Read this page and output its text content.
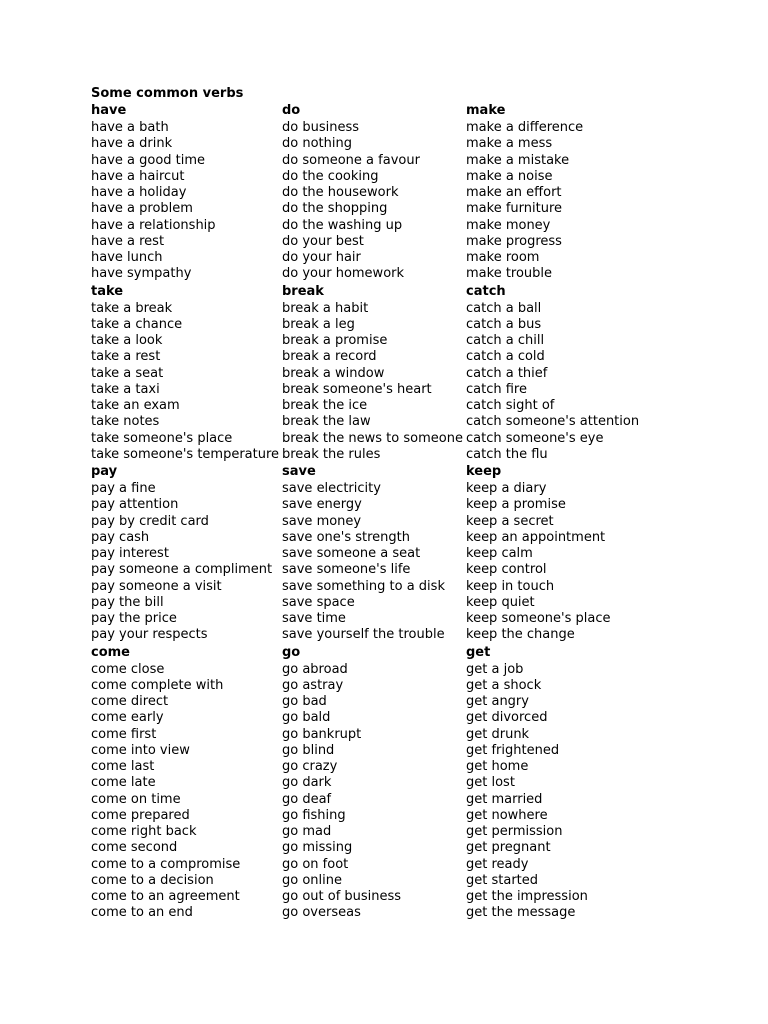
Some common verbs
have
have a bath
have a drink
have a good time
have a haircut
have a holiday
have a problem
have a relationship
have a rest
have lunch
have sympathy
do
do business
do nothing
do someone a favour
do the cooking
do the housework
do the shopping
do the washing up
do your best
do your hair
do your homework
make
make a difference
make a mess
make a mistake
make a noise
make an effort
make furniture
make money
make progress
make room
make trouble
take
take a break
take a chance
take a look
take a rest
take a seat
take a taxi
take an exam
take notes
take someone's place
take someone's temperature
break
break a habit
break a leg
break a promise
break a record
break a window
break someone's heart
break the ice
break the law
break the news to someone
break the rules
catch
catch a ball
catch a bus
catch a chill
catch a cold
catch a thief
catch fire
catch sight of
catch someone's attention
catch someone's eye
catch the flu
pay
pay a fine
pay attention
pay by credit card
pay cash
pay interest
pay someone a compliment
pay someone a visit
pay the bill
pay the price
pay your respects
save
save electricity
save energy
save money
save one's strength
save someone a seat
save someone's life
save something to a disk
save space
save time
save yourself the trouble
keep
keep a diary
keep a promise
keep a secret
keep an appointment
keep calm
keep control
keep in touch
keep quiet
keep someone's place
keep the change
come
come close
come complete with
come direct
come early
come first
come into view
come last
come late
come on time
come prepared
come right back
come second
come to a compromise
come to a decision
come to an agreement
come to an end
go
go abroad
go astray
go bad
go bald
go bankrupt
go blind
go crazy
go dark
go deaf
go fishing
go mad
go missing
go on foot
go online
go out of business
go overseas
get
get a job
get a shock
get angry
get divorced
get drunk
get frightened
get home
get lost
get married
get nowhere
get permission
get pregnant
get ready
get started
get the impression
get the message
